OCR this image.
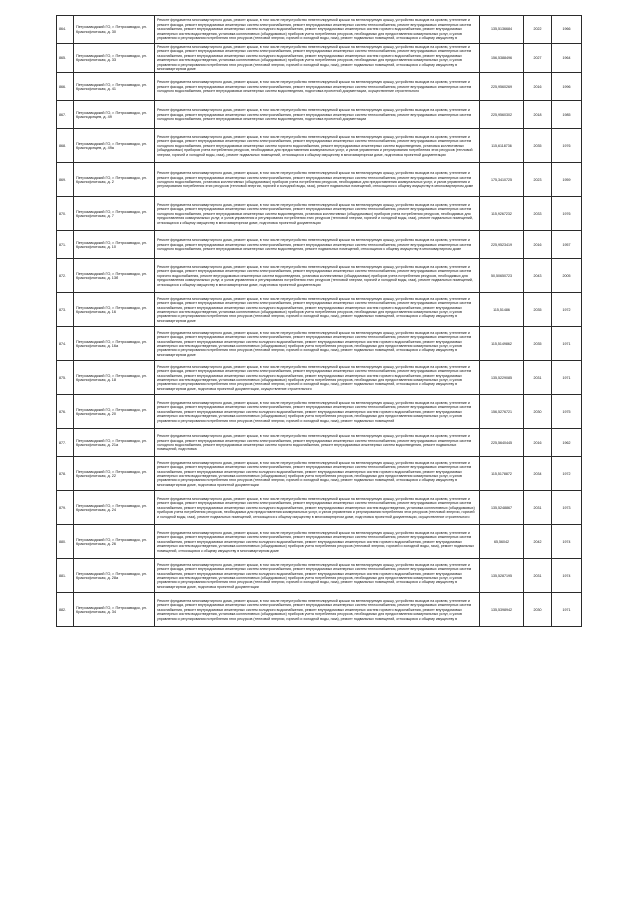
864.	Петрозаводский ГО, г. Петрозаводск, ул. Краснофлотская, д. 30	Ремонт фундамента многоквартирного дома, ремонт крыши, в том числе переустройство невентилируемой крыши на вентилируемую крышу, устройство выходов на кровлю, утепление и ремонт фасада, ремонт внутридомовых инженерных систем электроснабжения, ремонт внутридомовых инженерных систем теплоснабжения, ремонт внутридомовых инженерных систем газоснабжения, ремонт внутридомовых инженерных систем холодного водоснабжения, ремонт внутридомовых инженерных систем горячего водоснабжения, ремонт внутридомовых инженерных систем водоотведения, установка коллективных (общедомовых) приборов учета потребления ресурсов, необходимых для предоставления коммунальных услуг, и узлов управления и регулирования потребления этих ресурсов (тепловой энергии, горячей и холодной воды, газа), ремонт подвальных помещений, относящихся к общему имуществу в	135,5136684	2022	1966
865.	Петрозаводский ГО, г. Петрозаводск, ул. Краснофлотская, д. 33	Ремонт фундамента многоквартирного дома, ремонт крыши, в том числе переустройство невентилируемой крыши на вентилируемую крышу, устройство выходов на кровлю, утепление и ремонт фасада, ремонт внутридомовых инженерных систем электроснабжения, ремонт внутридомовых инженерных систем теплоснабжения, ремонт внутридомовых инженерных систем газоснабжения, ремонт внутридомовых инженерных систем холодного водоснабжения, ремонт внутридомовых инженерных систем горячего водоснабжения, ремонт внутридомовых инженерных систем водоотведения, установка коллективных (общедомовых) приборов учета потребления ресурсов, необходимых для предоставления коммунальных услуг, и узлов управления и регулирования потребления этих ресурсов (тепловой энергии, горячей и холодной воды, газа), ремонт подвальных помещений, относящихся к общему имуществу в многоквартирном доме	156,5388496	2027	1964
866.	Петрозаводский ГО, г. Петрозаводск, ул. Краснофлотская, д. 41	Ремонт фундамента многоквартирного дома, ремонт крыши, в том числе переустройство невентилируемой крыши на вентилируемую крышу, устройство выходов на кровлю, утепление и ремонт фасада, ремонт внутридомовых инженерных систем электроснабжения, ремонт внутридомовых инженерных систем теплоснабжения, ремонт внутридомовых инженерных систем холодного водоснабжения, ремонт внутридомовых инженерных систем водоотведения, подготовка проектной документации, осуществление строительного	225,9560269	2016	1996
867.	Петрозаводский ГО, г. Петрозаводск, ул. Краснодонцев, д. 49	Ремонт фундамента многоквартирного дома, ремонт крыши, в том числе переустройство невентилируемой крыши на вентилируемую крышу, устройство выходов на кровлю, утепление и ремонт фасада, ремонт внутридомовых инженерных систем электроснабжения, ремонт внутридомовых инженерных систем теплоснабжения, ремонт внутридомовых инженерных систем холодного водоснабжения, ремонт внутридомовых инженерных систем водоотведения, подготовка проектной документации	225,9560302	2018	1985
868.	Петрозаводский ГО, г. Петрозаводск, ул. Краснодонцев, д. 49а	Ремонт фундамента многоквартирного дома, ремонт крыши, в том числе переустройство невентилируемой крыши на вентилируемую крышу, устройство выходов на кровлю, утепление и ремонт фасада, ремонт внутридомовых инженерных систем электроснабжения, ремонт внутридомовых инженерных систем теплоснабжения, ремонт внутридомовых инженерных систем холодного водоснабжения, ремонт внутридомовых инженерных систем горячего водоснабжения, ремонт внутридомовых инженерных систем водоотведения, установка коллективных (общедомовых) приборов учета потребления ресурсов, необходимых для предоставления коммунальных услуг, и узлов управления и регулирования потребления этих ресурсов (тепловой энергии, горячей и холодной воды, газа), ремонт подвальных помещений, относящихся к общему имуществу в многоквартирном доме, подготовка проектной документации	115,6118736	2035	1976
869.	Петрозаводский ГО, г. Петрозаводск, ул. Краснофлотская, д. 2	Ремонт фундамента многоквартирного дома, ремонт крыши, в том числе переустройство невентилируемой крыши на вентилируемую крышу, устройство выходов на кровлю, утепление и ремонт фасада, ремонт внутридомовых инженерных систем электроснабжения, ремонт внутридомовых инженерных систем теплоснабжения, ремонт внутридомовых инженерных систем холодного водоснабжения, установка коллективных (общедомовых) приборов учета потребления ресурсов, необходимых для предоставления коммунальных услуг, и узлов управления и регулирования потребления этих ресурсов (тепловой энергии, горячей и холодной воды, газа), ремонт подвальных помещений, относящихся к общему имуществу в многоквартирном доме	175,3410725	2023	1959
870.	Петрозаводский ГО, г. Петрозаводск, ул. Краснофлотская, д. 7	Ремонт фундамента многоквартирного дома, ремонт крыши, в том числе переустройство невентилируемой крыши на вентилируемую крышу, устройство выходов на кровлю, утепление и ремонт фасада, ремонт внутридомовых инженерных систем электроснабжения, ремонт внутридомовых инженерных систем теплоснабжения, ремонт внутридомовых инженерных систем холодного водоснабжения, ремонт внутридомовых инженерных систем водоотведения, установка коллективных (общедомовых) приборов учета потребления ресурсов, необходимых для предоставления коммунальных услуг, и узлов управления и регулирования потребления этих ресурсов (тепловой энергии, горячей и холодной воды, газа), ремонт подвальных помещений, относящихся к общему имуществу в многоквартирном доме, подготовка проектной документации	115,9267232	2033	1976
871.	Петрозаводский ГО, г. Петрозаводск, ул. Краснофлотская, д. 10	Ремонт фундамента многоквартирного дома, ремонт крыши, в том числе переустройство невентилируемой крыши на вентилируемую крышу, устройство выходов на кровлю, утепление и ремонт фасада, ремонт внутридомовых инженерных систем электроснабжения, ремонт внутридомовых инженерных систем теплоснабжения, ремонт внутридомовых инженерных систем холодного водоснабжения, ремонт внутридомовых инженерных систем водоотведения, ремонт подвальных помещений, относящихся к общему имуществу в многоквартирном доме	225,9523419	2016	1957
872.	Петрозаводский ГО, г. Петрозаводск, ул. Краснофлотская, д. 13б	Ремонт фундамента многоквартирного дома, ремонт крыши, в том числе переустройство невентилируемой крыши на вентилируемую крышу, устройство выходов на кровлю, утепление и ремонт фасада, ремонт внутридомовых инженерных систем электроснабжения, ремонт внутридомовых инженерных систем теплоснабжения, ремонт внутридомовых инженерных систем горячего водоснабжения, ремонт внутридомовых инженерных систем водоотведения, установка коллективных (общедомовых) приборов учета потребления ресурсов, необходимых для предоставления коммунальных услуг, и узлов управления и регулирования потребления этих ресурсов (тепловой энергии, горячей и холодной воды, газа), ремонт подвальных помещений, относящихся к общему имуществу в многоквартирном доме, подготовка проектной документации	50,50650723	2043	2005
873.	Петрозаводский ГО, г. Петрозаводск, ул. Краснофлотская, д. 16	Ремонт фундамента многоквартирного дома, ремонт крыши, в том числе переустройство невентилируемой крыши на вентилируемую крышу, устройство выходов на кровлю, утепление и ремонт фасада, ремонт внутридомовых инженерных систем электроснабжения, ремонт внутридомовых инженерных систем теплоснабжения, ремонт внутридомовых инженерных систем газоснабжения, ремонт внутридомовых инженерных систем холодного водоснабжения, ремонт внутридомовых инженерных систем горячего водоснабжения, ремонт внутридомовых инженерных систем водоотведения, установка коллективных (общедомовых) приборов учета потребления ресурсов, необходимых для предоставления коммунальных услуг, и узлов управления и регулирования потребления этих ресурсов (тепловой энергии, горячей и холодной воды, газа), ремонт подвальных помещений, относящихся к общему имуществу в многоквартирном доме	115,51486	2035	1972
874.	Петрозаводский ГО, г. Петрозаводск, ул. Краснофлотская, д. 16а	Ремонт фундамента многоквартирного дома, ремонт крыши, в том числе переустройство невентилируемой крыши на вентилируемую крышу, устройство выходов на кровлю, утепление и ремонт фасада, ремонт внутридомовых инженерных систем электроснабжения, ремонт внутридомовых инженерных систем теплоснабжения, ремонт внутридомовых инженерных систем газоснабжения, ремонт внутридомовых инженерных систем холодного водоснабжения, ремонт внутридомовых инженерных систем горячего водоснабжения, ремонт внутридомовых инженерных систем водоотведения, установка коллективных (общедомовых) приборов учета потребления ресурсов, необходимых для предоставления коммунальных услуг, и узлов управления и регулирования потребления этих ресурсов (тепловой энергии, горячей и холодной воды, газа), ремонт подвальных помещений, относящихся к общему имуществу в многоквартирном доме	115,5149862	2035	1971
875.	Петрозаводский ГО, г. Петрозаводск, ул. Краснофлотская, д. 18	Ремонт фундамента многоквартирного дома, ремонт крыши, в том числе переустройство невентилируемой крыши на вентилируемую крышу, устройство выходов на кровлю, утепление и ремонт фасада, ремонт внутридомовых инженерных систем электроснабжения, ремонт внутридомовых инженерных систем теплоснабжения, ремонт внутридомовых инженерных систем газоснабжения, ремонт внутридомовых инженерных систем холодного водоснабжения, ремонт внутридомовых инженерных систем горячего водоснабжения, ремонт внутридомовых инженерных систем водоотведения, установка коллективных (общедомовых) приборов учета потребления ресурсов, необходимых для предоставления коммунальных услуг, и узлов управления и регулирования потребления этих ресурсов (тепловой энергии, горячей и холодной воды, газа), ремонт подвальных помещений, относящихся к общему имуществу в многоквартирном доме, подготовка проектной документации, осуществление строительного	135,5229085	2031	1971
876.	Петрозаводский ГО, г. Петрозаводск, ул. Краснофлотская, д. 20	Ремонт фундамента многоквартирного дома, ремонт крыши, в том числе переустройство невентилируемой крыши на вентилируемую крышу, устройство выходов на кровлю, утепление и ремонт фасада, ремонт внутридомовых инженерных систем электроснабжения, ремонт внутридомовых инженерных систем теплоснабжения, ремонт внутридомовых инженерных систем газоснабжения, ремонт внутридомовых инженерных систем холодного водоснабжения, ремонт внутридомовых инженерных систем горячего водоснабжения, ремонт внутридомовых инженерных систем водоотведения, установка коллективных (общедомовых) приборов учета потребления ресурсов, необходимых для предоставления коммунальных услуг, и узлов управления и регулирования потребления этих ресурсов (тепловой энергии, горячей и холодной воды, газа), ремонт подвальных помещений	156,5276721	2030	1975
877.	Петрозаводский ГО, г. Петрозаводск, ул. Краснофлотская, д. 21а	Ремонт фундамента многоквартирного дома, ремонт крыши, в том числе переустройство невентилируемой крыши на вентилируемую крышу, устройство выходов на кровлю, утепление и ремонт фасада, ремонт внутридомовых инженерных систем электроснабжения, ремонт внутридомовых инженерных систем теплоснабжения, ремонт внутридомовых инженерных систем холодного водоснабжения, ремонт внутридомовых инженерных систем горячего водоснабжения, ремонт внутридомовых инженерных систем водоотведения, ремонт подвальных помещений, подготовка	225,5640445	2016	1962
878.	Петрозаводский ГО, г. Петрозаводск, ул. Краснофлотская, д. 22	Ремонт фундамента многоквартирного дома, ремонт крыши, в том числе переустройство невентилируемой крыши на вентилируемую крышу, устройство выходов на кровлю, утепление и ремонт фасада, ремонт внутридомовых инженерных систем электроснабжения, ремонт внутридомовых инженерных систем теплоснабжения, ремонт внутридомовых инженерных систем газоснабжения, ремонт внутридомовых инженерных систем холодного водоснабжения, ремонт внутридомовых инженерных систем горячего водоснабжения, ремонт внутридомовых инженерных систем водоотведения, установка коллективных (общедомовых) приборов учета потребления ресурсов, необходимых для предоставления коммунальных услуг, и узлов управления и регулирования потребления этих ресурсов (тепловой энергии, горячей и холодной воды, газа), ремонт подвальных помещений, относящихся к общему имуществу в многоквартирном доме, подготовка проектной документации	115,5178872	2034	1972
879.	Петрозаводский ГО, г. Петрозаводск, ул. Краснофлотская, д. 24	Ремонт фундамента многоквартирного дома, ремонт крыши, в том числе переустройство невентилируемой крыши на вентилируемую крышу, устройство выходов на кровлю, утепление и ремонт фасада, ремонт внутридомовых инженерных систем электроснабжения, ремонт внутридомовых инженерных систем теплоснабжения, ремонт внутридомовых инженерных систем газоснабжения, ремонт внутридомовых инженерных систем холодного водоснабжения, ремонт внутридомовых инженерных систем водоотведения, установка коллективных (общедомовых) приборов учета потребления ресурсов, необходимых для предоставления коммунальных услуг, и узлов управления и регулирования потребления этих ресурсов (тепловой энергии, горячей и холодной воды, газа), ремонт подвальных помещений, относящихся к общему имуществу в многоквартирном доме, подготовка проектной документации, осуществление строительного	135,5248867	2031	1973
880.	Петрозаводский ГО, г. Петрозаводск, ул. Краснофлотская, д. 26	Ремонт фундамента многоквартирного дома, ремонт крыши, в том числе переустройство невентилируемой крыши на вентилируемую крышу, устройство выходов на кровлю, утепление и ремонт фасада, ремонт внутридомовых инженерных систем электроснабжения, ремонт внутридомовых инженерных систем теплоснабжения, ремонт внутридомовых инженерных систем газоснабжения, ремонт внутридомовых инженерных систем холодного водоснабжения, ремонт внутридомовых инженерных систем горячего водоснабжения, ремонт внутридомовых инженерных систем водоотведения, установка коллективных (общедомовых) приборов учета потребления ресурсов (тепловой энергии, горячей и холодной воды, газа), ремонт подвальных помещений, относящихся к общему имуществу в многоквартирном доме	65,56042	2042	1974
881.	Петрозаводский ГО, г. Петрозаводск, ул. Краснофлотская, д. 28а	Ремонт фундамента многоквартирного дома, ремонт крыши, в том числе переустройство невентилируемой крыши на вентилируемую крышу, устройство выходов на кровлю, утепление и ремонт фасада, ремонт внутридомовых инженерных систем электроснабжения, ремонт внутридомовых инженерных систем теплоснабжения, ремонт внутридомовых инженерных систем газоснабжения, ремонт внутридомовых инженерных систем холодного водоснабжения, ремонт внутридомовых инженерных систем горячего водоснабжения, ремонт внутридомовых инженерных систем водоотведения, установка коллективных (общедомовых) приборов учета потребления ресурсов, необходимых для предоставления коммунальных услуг, и узлов управления и регулирования потребления этих ресурсов (тепловой энергии, горячей и холодной воды, газа), ремонт подвальных помещений, относящихся к общему имуществу в многоквартирном доме, подготовка проектной документации	135,5287195	2031	1974
882.	Петрозаводский ГО, г. Петрозаводск, ул. Краснофлотская, д. 34	Ремонт фундамента многоквартирного дома, ремонт крыши, в том числе переустройство невентилируемой крыши на вентилируемую крышу, устройство выходов на кровлю, утепление и ремонт фасада, ремонт внутридомовых инженерных систем электроснабжения, ремонт внутридомовых инженерных систем теплоснабжения, ремонт внутридомовых инженерных систем газоснабжения, ремонт внутридомовых инженерных систем холодного водоснабжения, ремонт внутридомовых инженерных систем горячего водоснабжения, ремонт внутридомовых инженерных систем водоотведения, установка коллективных (общедомовых) приборов учета потребления ресурсов, необходимых для предоставления коммунальных услуг, и узлов управления и регулирования потребления этих ресурсов (тепловой энергии, горячей и холодной воды, газа), ремонт подвальных помещений, относящихся к общему имуществу в	135,5398942	2030	1971
